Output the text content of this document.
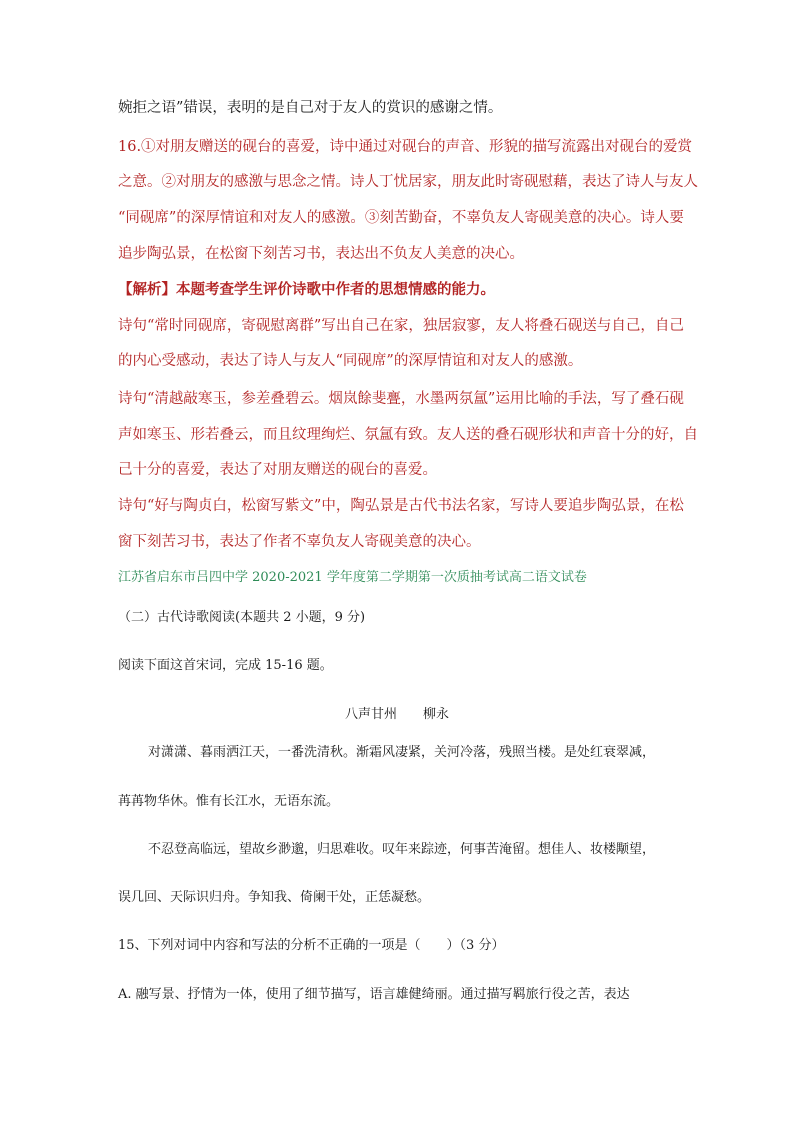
婉拒之语”错误，表明的是自己对于友人的赏识的感谢之情。
16.①对朋友赠送的砚台的喜爱，诗中通过对砚台的声音、形貌的描写流露出对砚台的爱赏
之意。②对朋友的感激与思念之情。诗人丁忧居家，朋友此时寄砚慰藉，表达了诗人与友人
“同砚席”的深厚情谊和对友人的感激。③刻苦勤奋，不辜负友人寄砚美意的决心。诗人要
追步陶弘景，在松窗下刻苦习书，表达出不负友人美意的决心。
【解析】本题考查学生评价诗歌中作者的思想情感的能力。
诗句“常时同砚席，寄砚慰离群”写出自己在家，独居寂寥，友人将叠石砚送与自己，自己
的内心受感动，表达了诗人与友人“同砚席”的深厚情谊和对友人的感激。
诗句“清越敲寒玉，参差叠碧云。烟岚餘斐亹，水墨两氛氲”运用比喻的手法，写了叠石砚
声如寒玉、形若叠云，而且纹理绚烂、氛氲有致。友人送的叠石砚形状和声音十分的好，自
己十分的喜爱，表达了对朋友赠送的砚台的喜爱。
诗句“好与陶贞白，松窗写紫文”中，陶弘景是古代书法名家，写诗人要追步陶弘景，在松
窗下刻苦习书，表达了作者不辜负友人寄砚美意的决心。
江苏省启东市吕四中学 2020-2021 学年度第二学期第一次质抽考试高二语文试卷
（二）古代诗歌阅读(本题共 2 小题，9 分)
阅读下面这首宋词，完成 15-16 题。
八声甘州　　柳永
对潇潇、暮雨洒江天，一番洗清秋。渐霜风凄紧，关河冷落，残照当楼。是处红衰翠减，
苒苒物华休。惟有长江水，无语东流。
不忍登高临远，望故乡渺邈，归思难收。叹年来踪迹，何事苦淹留。想佳人、妆楼颙望，
误几回、天际识归舟。争知我、倚阑干处，正恁凝愁。
15、下列对词中内容和写法的分析不正确的一项是（　　）（3 分）
A. 融写景、抒情为一体，使用了细节描写，语言雄健绮丽。通过描写羁旅行役之苦，表达
